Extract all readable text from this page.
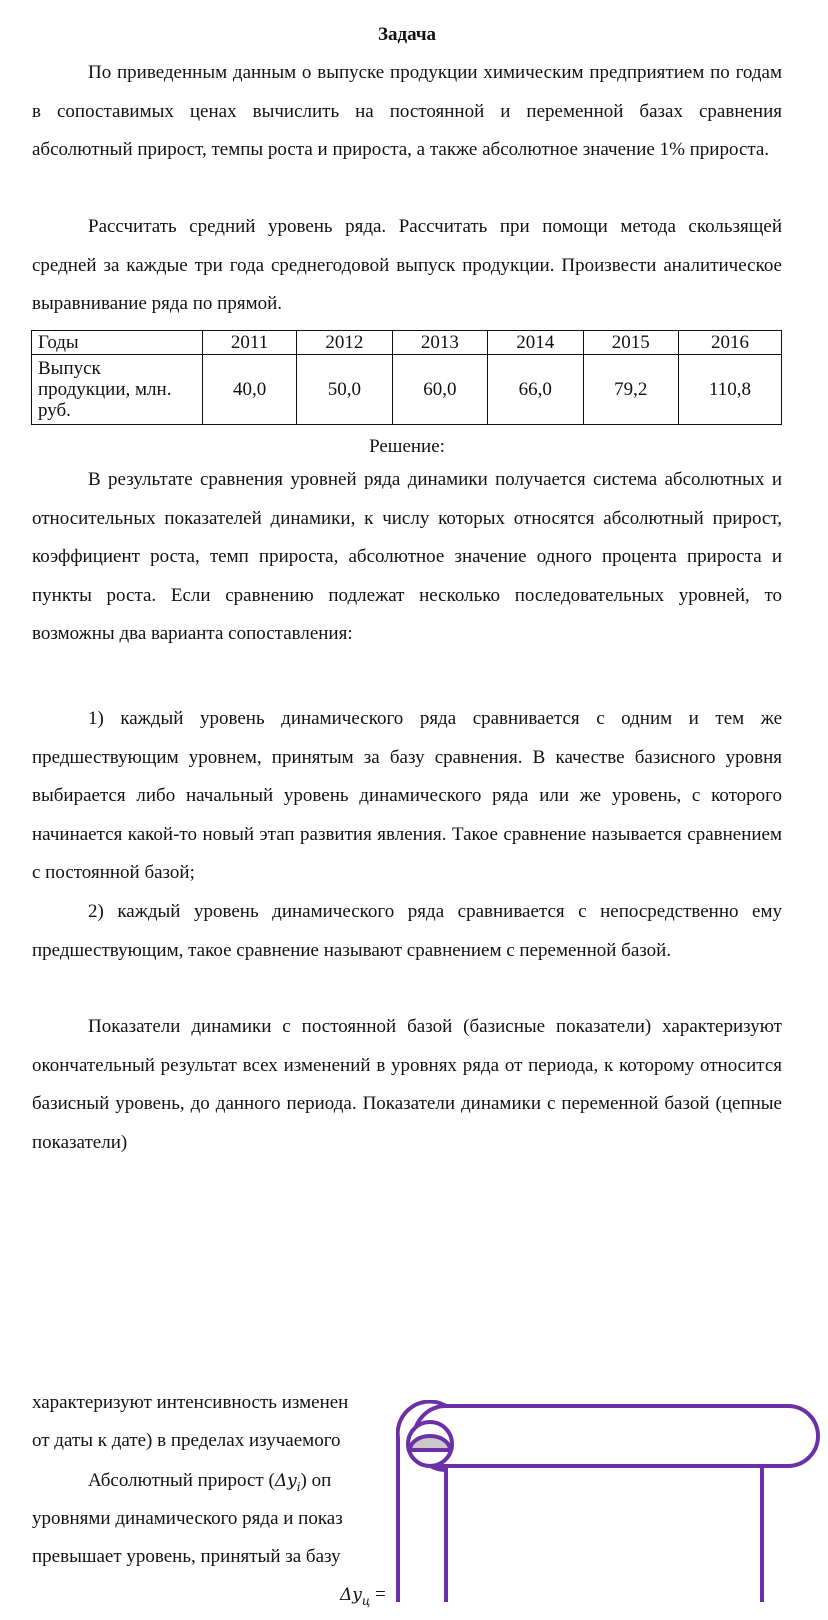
Задача

По приведенным данным о выпуске продукции химическим предприятием по годам в сопоставимых ценах вычислить на постоянной и переменной базах сравнения абсолютный прирост, темпы роста и прироста, а также абсолютное значение 1% прироста.

Рассчитать средний уровень ряда. Рассчитать при помощи метода скользящей средней за каждые три года среднегодовой выпуск продукции. Произвести аналитическое выравнивание ряда по прямой.

Годы	2011	2012	2013	2014	2015	2016
Выпуск продукции, млн. руб.	40,0	50,0	60,0	66,0	79,2	110,8
Решение:

В результате сравнения уровней ряда динамики получается система абсолютных и относительных показателей динамики, к числу которых относятся абсолютный прирост, коэффициент роста, темп прироста, абсолютное значение одного процента прироста и пункты роста. Если сравнению подлежат несколько последовательных уровней, то возможны два варианта сопоставления:

1) каждый уровень динамического ряда сравнивается с одним и тем же предшествующим уровнем, принятым за базу сравнения. В качестве базисного уровня выбирается либо начальный уровень динамического ряда или же уровень, с которого начинается какой-то новый этап развития явления. Такое сравнение называется сравнением с постоянной базой;

2) каждый уровень динамического ряда сравнивается с непосредственно ему предшествующим, такое сравнение называют сравнением с переменной базой.

Показатели динамики с постоянной базой (базисные показатели) характеризуют окончательный результат всех изменений в уровнях ряда от периода, к которому относится базисный уровень, до данного периода. Показатели динамики с переменной базой (цепные показатели)

характеризуют интенсивность изменен
от даты к дате) в пределах изучаемого
Абсолютный прирост $(\Delta y_i)$ оп
уровнями динамического ряда и показ
превышает уровень, принятый за базу
$\Delta y_ц$ =
